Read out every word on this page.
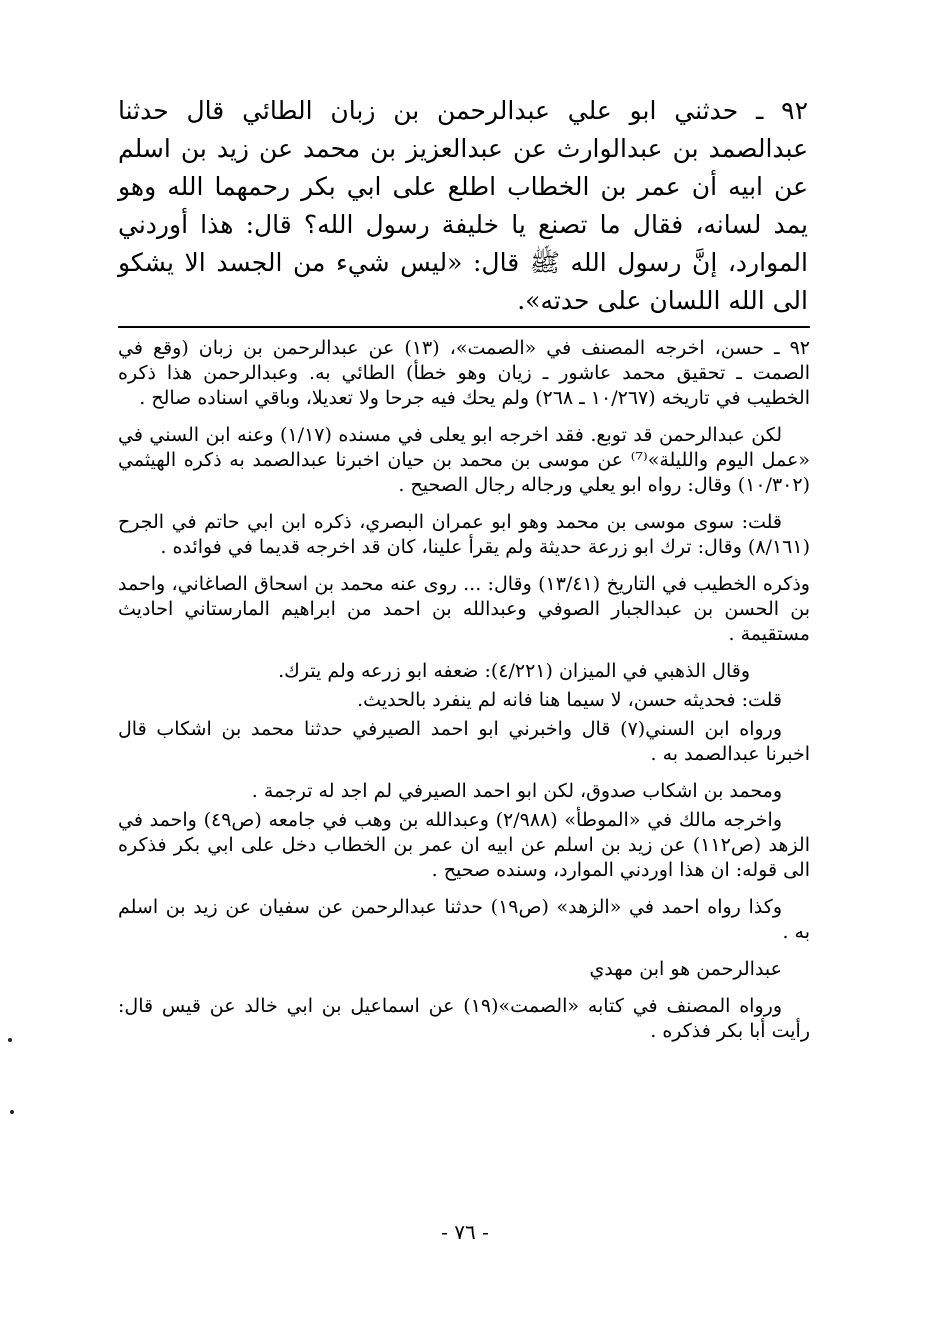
٩٢ ـ حدثني ابو علي عبدالرحمن بن زبان الطائي قال حدثنا عبدالصمد بن عبدالوارث عن عبدالعزيز بن محمد عن زيد بن اسلم عن ابيه أن عمر بن الخطاب اطلع على ابي بكر رحمهما الله وهو يمد لسانه، فقال ما تصنع يا خليفة رسول الله؟ قال: هذا أوردني الموارد، إنَّ رسول الله ﷺ قال: «ليس شيء من الجسد الا يشكو الى الله اللسان على حدته».

٩٢ ـ حسن، اخرجه المصنف في «الصمت»، (١٣) عن عبدالرحمن بن زبان (وقع في الصمت ـ تحقيق محمد عاشور ـ زيان وهو خطأ) الطائي به. وعبدالرحمن هذا ذكره الخطيب في تاريخه (١٠/٢٦٧ ـ ٢٦٨) ولم يحك فيه جرحا ولا تعديلا، وباقي اسناده صالح .

لكن عبدالرحمن قد توبع. فقد اخرجه ابو يعلى في مسنده (١/١٧) وعنه ابن السني في «عمل اليوم والليلة»⁽⁷⁾ عن موسى بن محمد بن حيان اخبرنا عبدالصمد به ذكره الهيثمي (١٠/٣٠٢) وقال: رواه ابو يعلي ورجاله رجال الصحيح .

قلت: سوى موسى بن محمد وهو ابو عمران البصري، ذكره ابن ابي حاتم في الجرح (٨/١٦١) وقال: ترك ابو زرعة حديثة ولم يقرأ علينا، كان قد اخرجه قديما في فوائده .

وذكره الخطيب في التاريخ (١٣/٤١) وقال: ... روى عنه محمد بن اسحاق الصاغاني، واحمد بن الحسن بن عبدالجبار الصوفي وعبدالله بن احمد من ابراهيم المارستاني احاديث مستقيمة .

وقال الذهبي في الميزان (٤/٢٢١): ضعفه ابو زرعه ولم يترك.

قلت: فحديثه حسن، لا سيما هنا فانه لم ينفرد بالحديث.

ورواه ابن السني(٧) قال واخبرني ابو احمد الصيرفي حدثنا محمد بن اشكاب قال اخبرنا عبدالصمد به .

ومحمد بن اشكاب صدوق، لكن ابو احمد الصيرفي لم اجد له ترجمة .

واخرجه مالك في «الموطأ» (٢/٩٨٨) وعبدالله بن وهب في جامعه (ص٤٩) واحمد في الزهد (ص١١٢) عن زيد بن اسلم عن ابيه ان عمر بن الخطاب دخل على ابي بكر فذكره الى قوله: ان هذا اوردني الموارد، وسنده صحيح .

وكذا رواه احمد في «الزهد» (ص١٩) حدثنا عبدالرحمن عن سفيان عن زيد بن اسلم به .

عبدالرحمن هو ابن مهدي

ورواه المصنف في كتابه «الصمت»(١٩) عن اسماعيل بن ابي خالد عن قيس قال: رأيت أبا بكر فذكره .

- ٧٦ -
